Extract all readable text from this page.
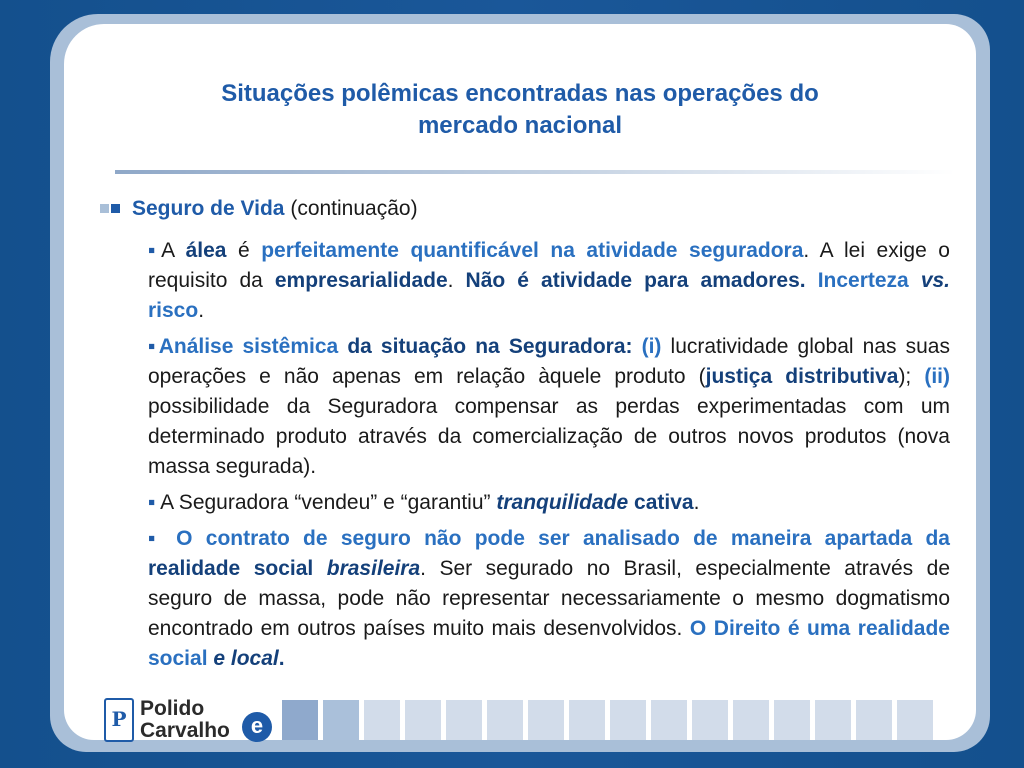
Situações polêmicas encontradas nas operações do
mercado nacional
Seguro de Vida (continuação)

▪A álea é perfeitamente quantificável na atividade seguradora. A lei exige o requisito da empresarialidade. Não é atividade para amadores. Incerteza vs. risco.

▪Análise sistêmica da situação na Seguradora: (i) lucratividade global nas suas operações e não apenas em relação àquele produto (justiça distributiva); (ii) possibilidade da Seguradora compensar as perdas experimentadas com um determinado produto através da comercialização de outros novos produtos (nova massa segurada).

▪ A Seguradora “vendeu” e “garantiu” tranquilidade cativa.

▪ O contrato de seguro não pode ser analisado de maneira apartada da realidade social brasileira. Ser segurado no Brasil, especialmente através de seguro de massa, pode não representar necessariamente o mesmo dogmatismo encontrado em outros países muito mais desenvolvidos. O Direito é uma realidade social e local.

P Polido
Carvalho e
